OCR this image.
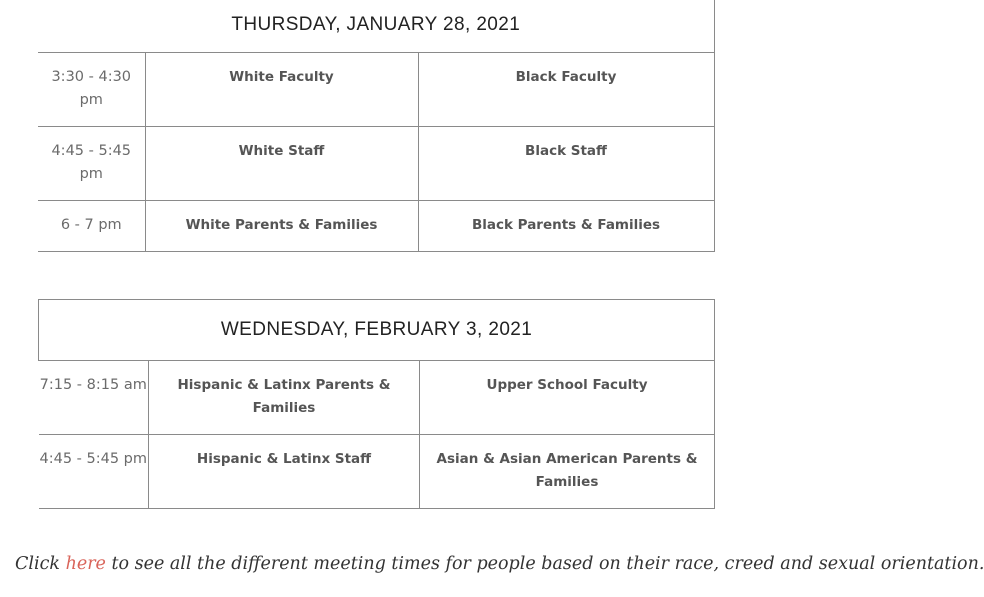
THURSDAY, JANUARY 28, 2021		
3:30 - 4:30 pm	White Faculty	Black Faculty
4:45 - 5:45 pm	White Staff	Black Staff
6 - 7 pm	White Parents & Families	Black Parents & Families
WEDNESDAY, FEBRUARY 3, 2021		
7:15 - 8:15 am	Hispanic & Latinx Parents & Families	Upper School Faculty
4:45 - 5:45 pm	Hispanic & Latinx Staff	Asian & Asian American Parents & Families

Click here to see all the different meeting times for people based on their race, creed and sexual orientation.
